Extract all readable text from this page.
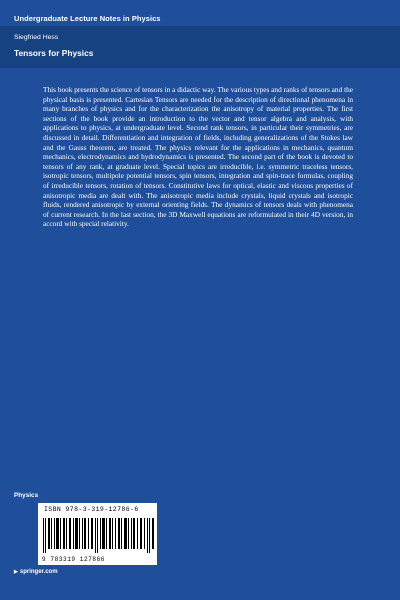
Undergraduate Lecture Notes in Physics
Siegfried Hess
Tensors for Physics

This book presents the science of tensors in a didactic way. The various types and ranks of tensors and the physical basis is presented. Cartesian Tensors are needed for the description of directional phenomena in many branches of physics and for the characterization the anisotropy of material properties. The first sections of the book provide an introduction to the vector and tensor algebra and analysis, with applications to physics, at undergraduate level. Second rank tensors, in particular their symmetries, are discussed in detail. Differentiation and integration of fields, including generalizations of the Stokes law and the Gauss theorem, are treated. The physics relevant for the applications in mechanics, quantum mechanics, electrodynamics and hydrodynamics is presented. The second part of the book is devoted to tensors of any rank, at graduate level. Special topics are irreducible, i.e. symmetric traceless tensors, isotropic tensors, multipole potential tensors, spin tensors, integration and spin-trace formulas, coupling of irreducible tensors, rotation of tensors. Constitutive laws for optical, elastic and viscous properties of anisotropic media are dealt with. The anisotropic media include crystals, liquid crystals and isotropic fluids, rendered anisotropic by external orienting fields. The dynamics of tensors deals with phenomena of current research. In the last section, the 3D Maxwell equations are reformulated in their 4D version, in accord with special relativity.

Physics
ISBN 978-3-319-12786-6
9 783319 127866
▶ springer.com
